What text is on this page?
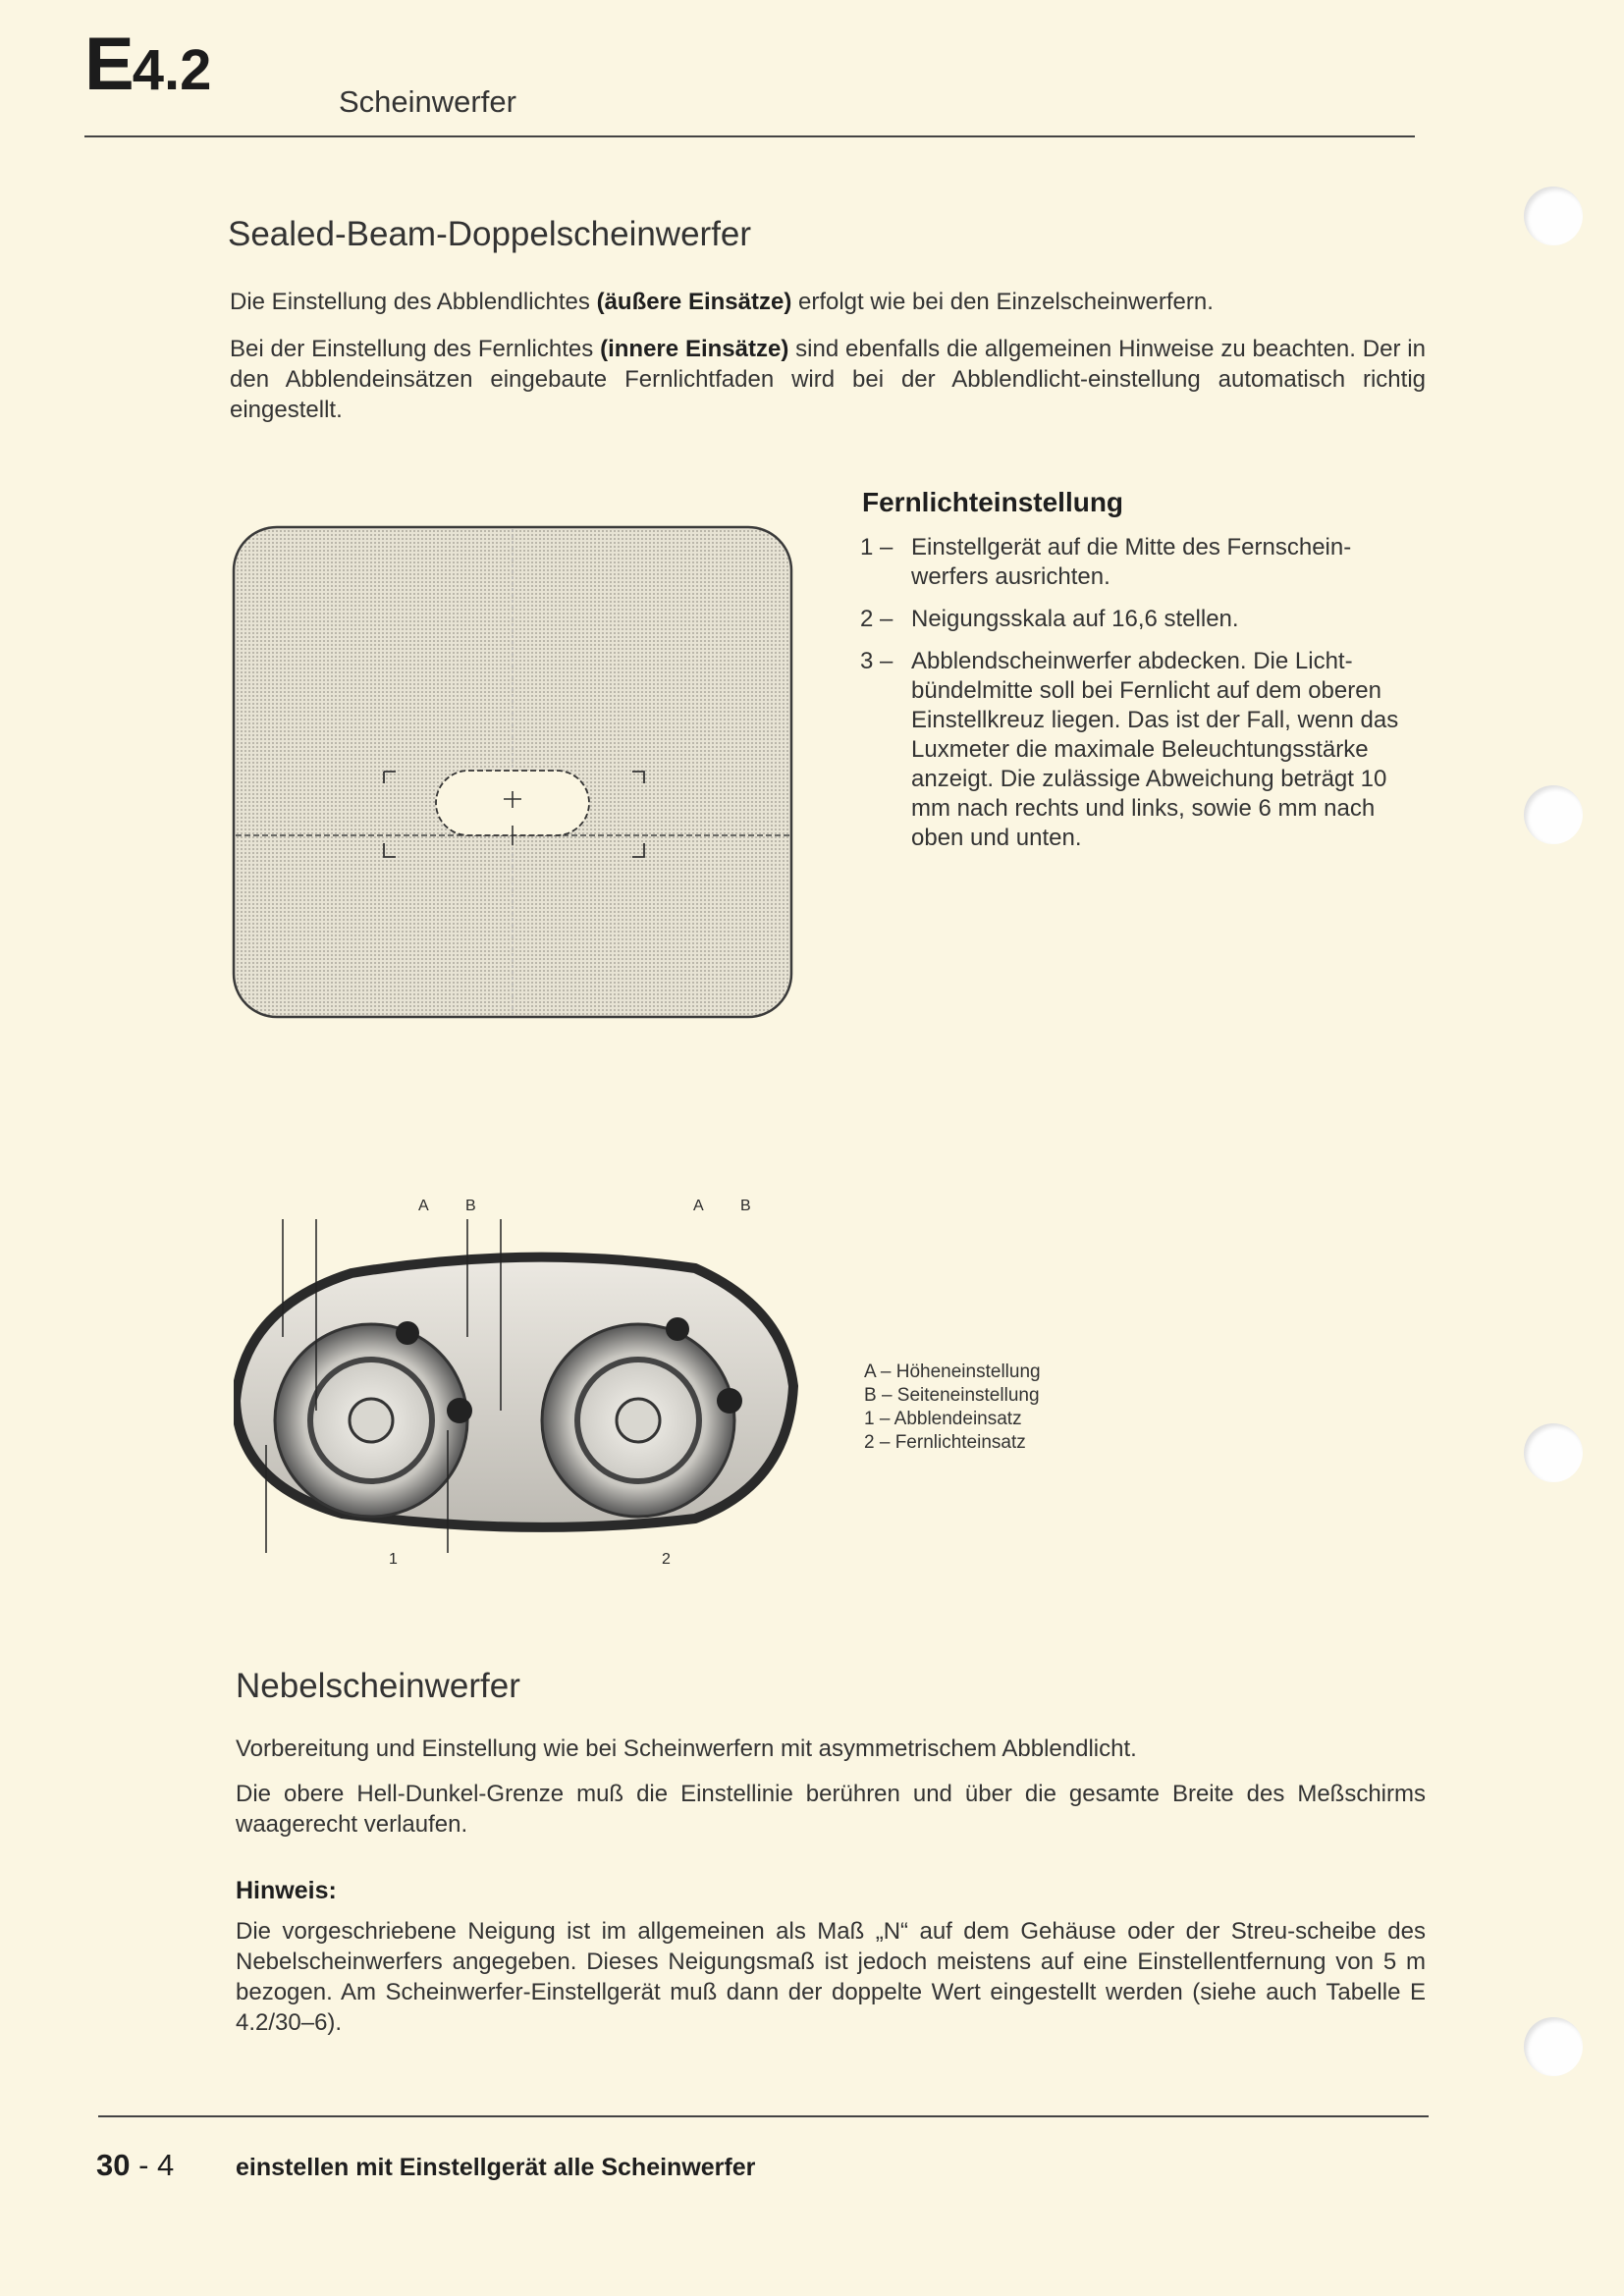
E4.2	Scheinwerfer
Sealed-Beam-Doppelscheinwerfer

Die Einstellung des Abblendlichtes (äußere Einsätze) erfolgt wie bei den Einzelscheinwerfern.

Bei der Einstellung des Fernlichtes (innere Einsätze) sind ebenfalls die allgemeinen Hinweise zu beachten. Der in den Abblendeinsätzen eingebaute Fernlichtfaden wird bei der Abblendlicht-einstellung automatisch richtig eingestellt.

Fernlichteinstellung
1 – Einstellgerät auf die Mitte des Fernschein-werfers ausrichten.
2 – Neigungsskala auf 16,6 stellen.
3 – Abblendscheinwerfer abdecken. Die Licht-bündelmitte soll bei Fernlicht auf dem oberen Einstellkreuz liegen. Das ist der Fall, wenn das Luxmeter die maximale Beleuchtungsstärke anzeigt. Die zulässige Abweichung beträgt 10 mm nach rechts und links, sowie 6 mm nach oben und unten.
A B	A B
1	2
A – Höheneinstellung
B – Seiteneinstellung
1 – Abblendeinsatz
2 – Fernlichteinsatz
Nebelscheinwerfer

Vorbereitung und Einstellung wie bei Scheinwerfern mit asymmetrischem Abblendlicht.

Die obere Hell-Dunkel-Grenze muß die Einstellinie berühren und über die gesamte Breite des Meßschirms waagerecht verlaufen.

Hinweis:

Die vorgeschriebene Neigung ist im allgemeinen als Maß „N“ auf dem Gehäuse oder der Streu-scheibe des Nebelscheinwerfers angegeben. Dieses Neigungsmaß ist jedoch meistens auf eine Einstellentfernung von 5 m bezogen. Am Scheinwerfer-Einstellgerät muß dann der doppelte Wert eingestellt werden (siehe auch Tabelle E 4.2/30–6).

30 - 4	einstellen mit Einstellgerät alle Scheinwerfer
